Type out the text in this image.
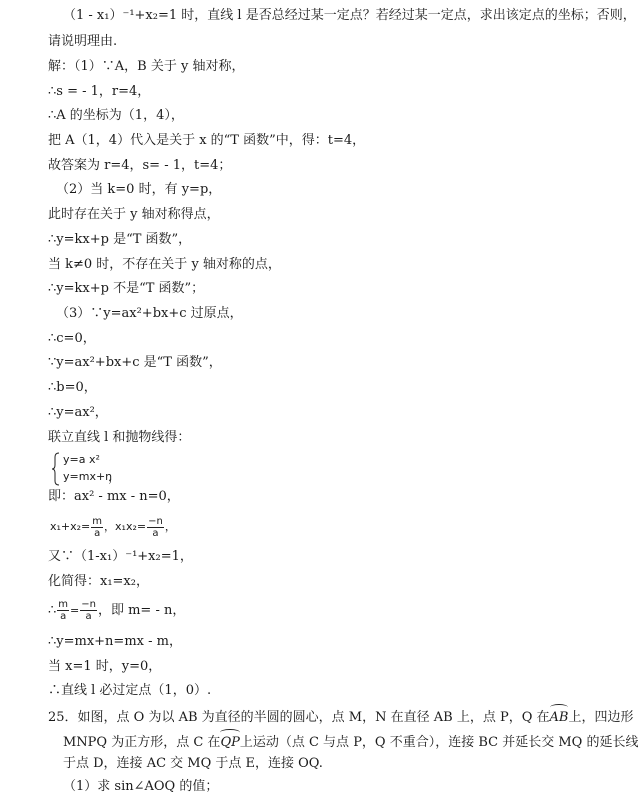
（1 - x₁）⁻¹+x₂=1 时，直线 l 是否总经过某一定点？若经过某一定点，求出该定点的坐标；否则，
请说明理由.
解：（1）∵A，B 关于 y 轴对称，
∴s = - 1，r=4，
∴A 的坐标为（1，4），
把 A（1，4）代入是关于 x 的“T 函数”中，得：t=4，
故答案为 r=4，s= - 1，t=4；
（2）当 k=0 时，有 y=p，
此时存在关于 y 轴对称得点，
∴y=kx+p 是“T 函数”，
当 k≠0 时，不存在关于 y 轴对称的点，
∴y=kx+p 不是“T 函数”；
（3）∵y=ax²+bx+c 过原点，
∴c=0，
∵y=ax²+bx+c 是“T 函数”，
∴b=0，
∴y=ax²，
联立直线 l 和抛物线得：
y=a x²
y=mx+n
，
即：ax² - mx - n=0，
$x_1+x_2= \frac{m}{a}$ ，$x_1x_2= \frac{-n}{a}$ ，
又∵（1-x₁）⁻¹+x₂=1，
化简得：x₁=x₂，
∴ $\frac{m}{a} = \frac{-n}{a}$ ，即 m= - n，
∴y=mx+n=mx - m，
当 x=1 时，y=0，
∴直线 l 必过定点（1，0）.
25．如图，点 O 为以 AB 为直径的半圆的圆心，点 M，N 在直径 AB 上，点 P，Q 在AB上，四边形
MNPQ 为正方形，点 C 在QP上运动（点 C 与点 P，Q 不重合），连接 BC 并延长交 MQ 的延长线
于点 D，连接 AC 交 MQ 于点 E，连接 OQ.
（1）求 sin∠AOQ 的值；
